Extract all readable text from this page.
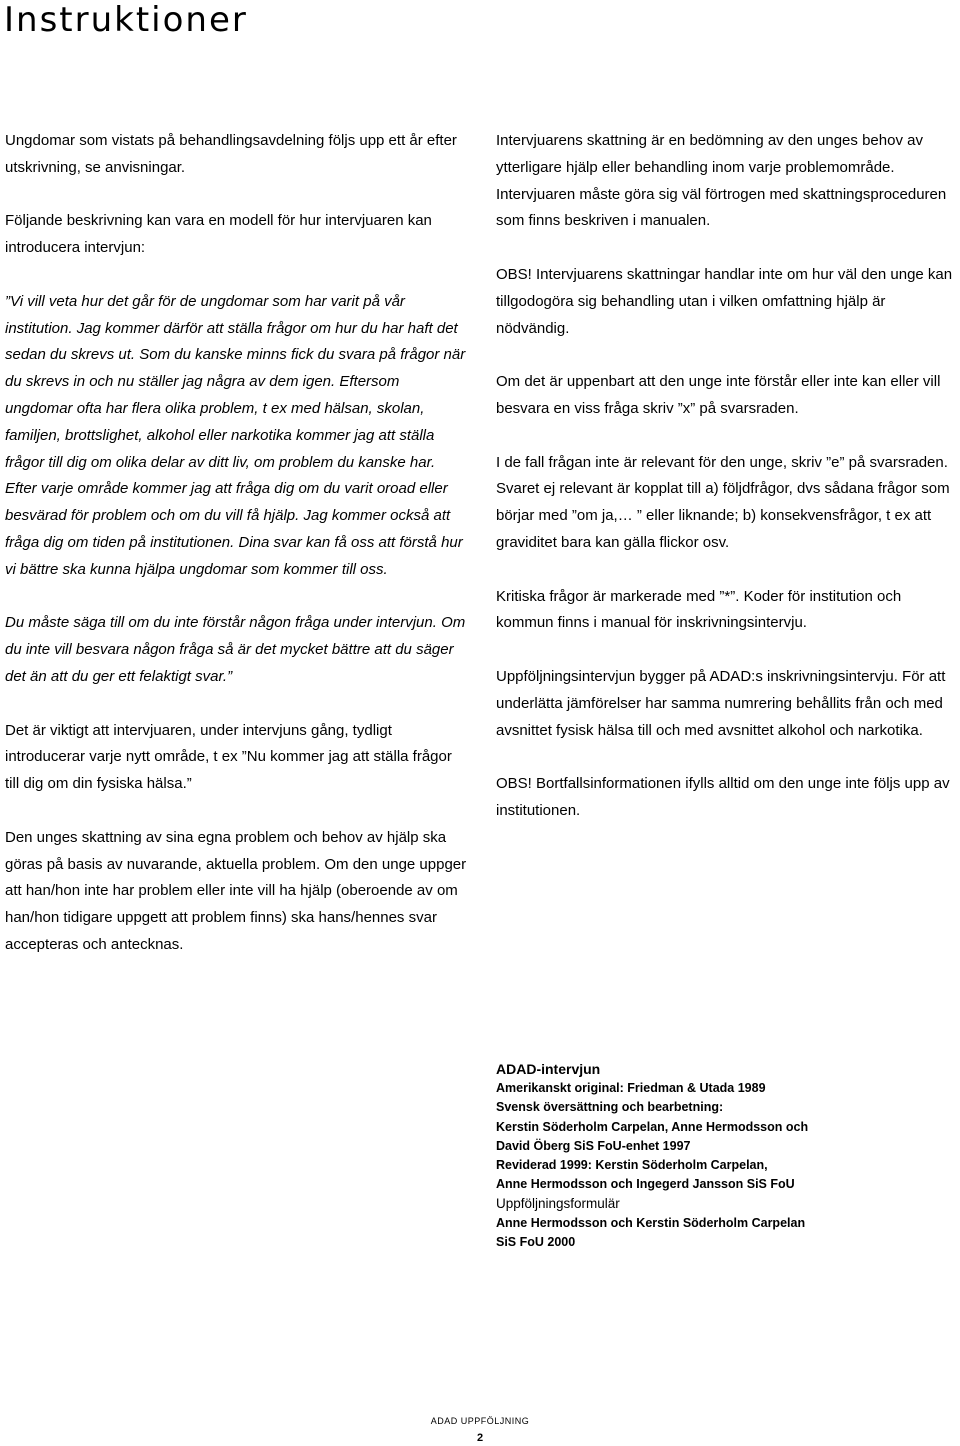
Instruktioner

Ungdomar som vistats på behandlingsavdelning följs upp ett år efter utskrivning, se anvisningar.

Följande beskrivning kan vara en modell för hur intervjuaren kan introducera intervjun:

”Vi vill veta hur det går för de ungdomar som har varit på vår institution. Jag kommer därför att ställa frågor om hur du har haft det sedan du skrevs ut. Som du kanske minns fick du svara på frågor när du skrevs in och nu ställer jag några av dem igen. Eftersom ungdomar ofta har flera olika problem, t ex med hälsan, skolan, familjen, brottslighet, alkohol eller narkotika kommer jag att ställa frågor till dig om olika delar av ditt liv, om problem du kanske har. Efter varje område kommer jag att fråga dig om du varit oroad eller besvärad för problem och om du vill få hjälp. Jag kommer också att fråga dig om tiden på institutionen. Dina svar kan få oss att förstå hur vi bättre ska kunna hjälpa ungdomar som kommer till oss.

Du måste säga till om du inte förstår någon fråga under intervjun. Om du inte vill besvara någon fråga så är det mycket bättre att du säger det än att du ger ett felaktigt svar.”

Det är viktigt att intervjuaren, under intervjuns gång, tydligt introducerar varje nytt område, t ex ”Nu kommer jag att ställa frågor till dig om din fysiska hälsa.”

Den unges skattning av sina egna problem och behov av hjälp ska göras på basis av nuvarande, aktuella problem. Om den unge uppger att han/hon inte har problem eller inte vill ha hjälp (oberoende av om han/hon tidigare uppgett att problem finns) ska hans/hennes svar accepteras och antecknas.

Intervjuarens skattning är en bedömning av den unges behov av ytterligare hjälp eller behandling inom varje problemområde. Intervjuaren måste göra sig väl förtrogen med skattningsproceduren som finns beskriven i manualen.

OBS! Intervjuarens skattningar handlar inte om hur väl den unge kan tillgodogöra sig behandling utan i vilken omfattning hjälp är nödvändig.

Om det är uppenbart att den unge inte förstår eller inte kan eller vill besvara en viss fråga skriv ”x” på svarsraden.

I de fall frågan inte är relevant för den unge, skriv ”e” på svarsraden. Svaret ej relevant är kopplat till a) följdfrågor, dvs sådana frågor som börjar med ”om ja,… ” eller liknande; b) konsekvensfrågor, t ex att graviditet bara kan gälla flickor osv.

Kritiska frågor är markerade med ”*”. Koder för institution och kommun finns i manual för inskrivningsintervju.

Uppföljningsintervjun bygger på ADAD:s inskrivningsintervju. För att underlätta jämförelser har samma numrering behållits från och med avsnittet fysisk hälsa till och med avsnittet alkohol och narkotika.

OBS! Bortfallsinformationen ifylls alltid om den unge inte följs upp av institutionen.

ADAD-intervjun
Amerikanskt original: Friedman & Utada 1989
Svensk översättning och bearbetning:
Kerstin Söderholm Carpelan, Anne Hermodsson och
David Öberg SiS FoU-enhet 1997
Reviderad 1999: Kerstin Söderholm Carpelan,
Anne Hermodsson och Ingegerd Jansson SiS FoU
Uppföljningsformulär
Anne Hermodsson och Kerstin Söderholm Carpelan
SiS FoU 2000
ADAD UPPFÖLJNING
2
